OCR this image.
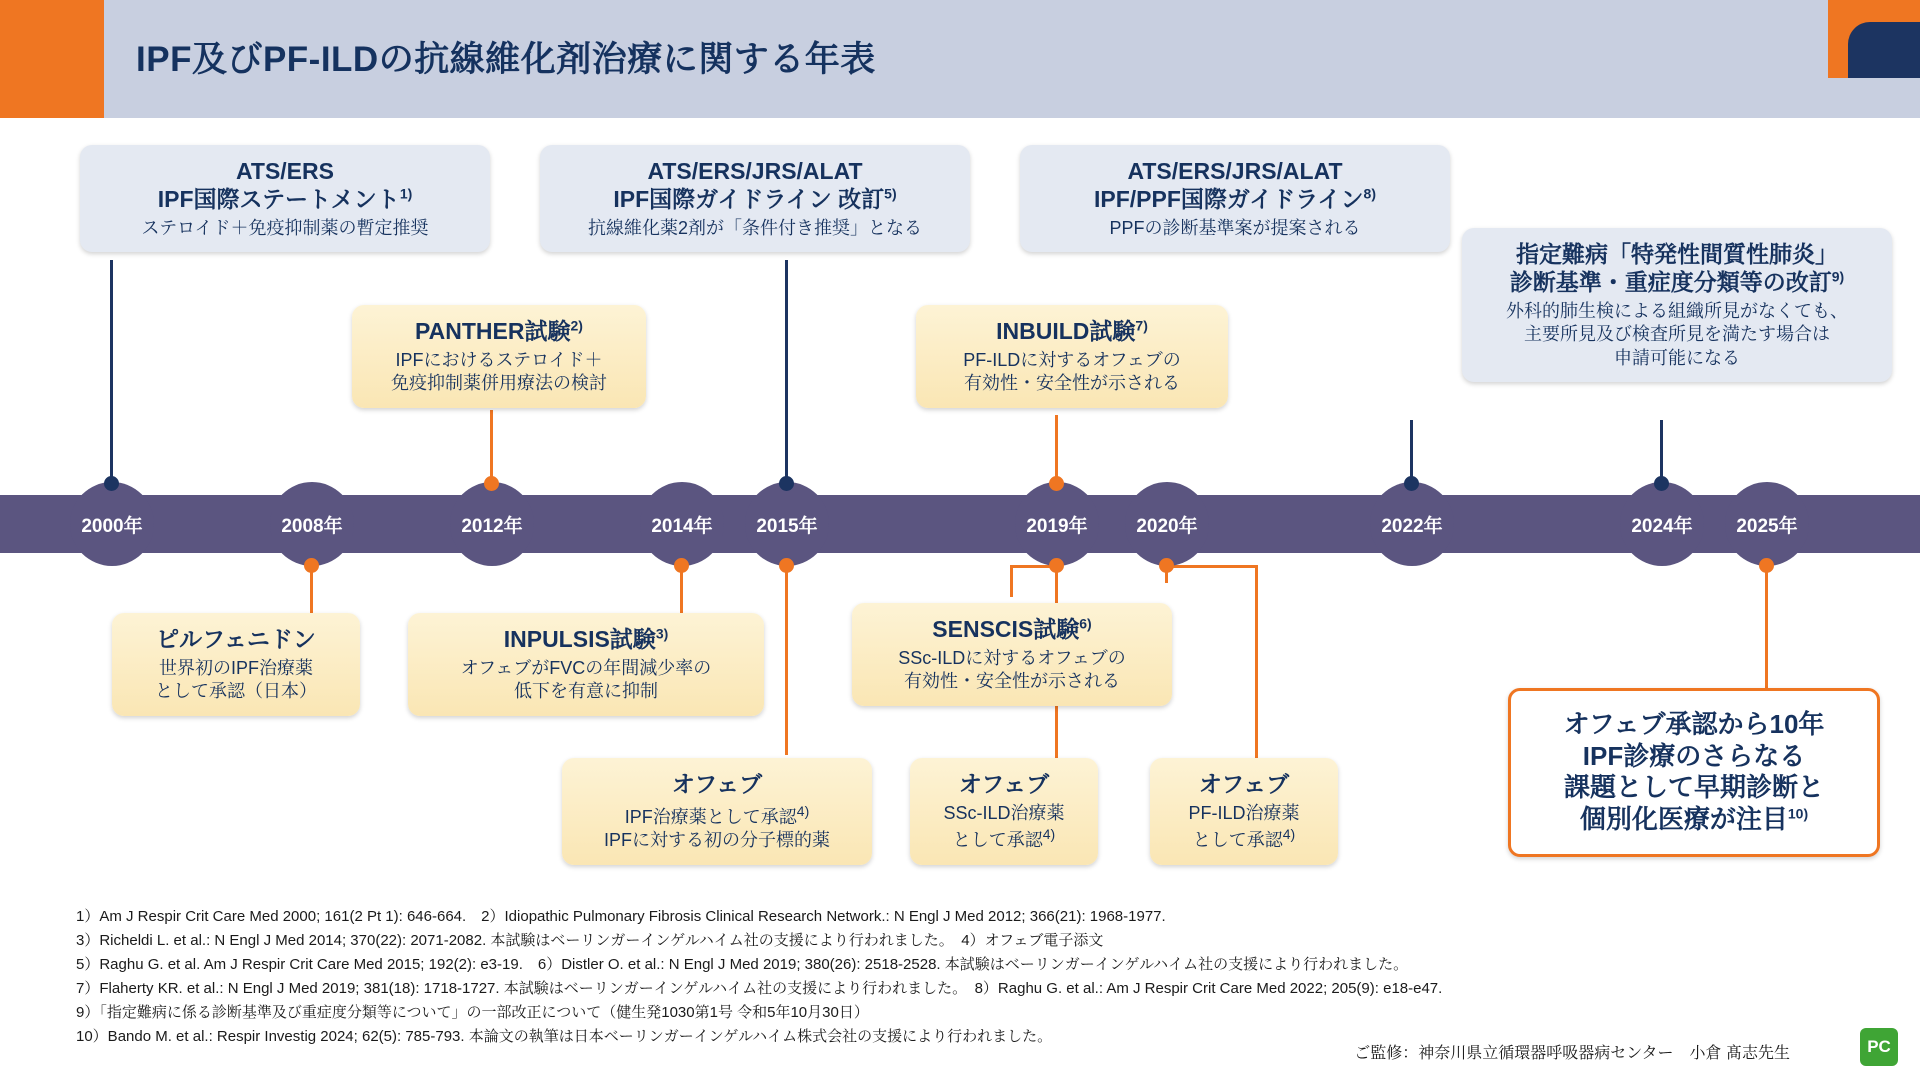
IPF及びPF-ILDの抗線維化剤治療に関する年表
2000年	2008年	2012年	2014年 2015年	2019年	2020年	2022年	2024年 2025年
ATS/ERS
IPF国際ステートメント$^{1)}$
ステロイド＋免疫抑制薬の暫定推奨
ATS/ERS/JRS/ALAT
IPF国際ガイドライン 改訂$^{5)}$
抗線維化薬2剤が「条件付き推奨」となる
ATS/ERS/JRS/ALAT
IPF/PPF国際ガイドライン$^{8)}$
PPFの診断基準案が提案される
指定難病「特発性間質性肺炎」
診断基準・重症度分類等の改訂$^{9)}$
外科的肺生検による組織所見がなくても、
主要所見及び検査所見を満たす場合は
申請可能になる
PANTHER試験$^{2)}$
IPFにおけるステロイド＋
免疫抑制薬併用療法の検討
INBUILD試験$^{7)}$
PF-ILDに対するオフェブの
有効性・安全性が示される
ピルフェニドン
世界初のIPF治療薬
として承認（日本）
INPULSIS試験$^{3)}$
オフェブがFVCの年間減少率の
低下を有意に抑制
SENSCIS試験$^{6)}$
SSc-ILDに対するオフェブの
有効性・安全性が示される
オフェブ
IPF治療薬として承認$^{4)}$
IPFに対する初の分子標的薬
オフェブ
SSc-ILD治療薬
として承認$^{4)}$
オフェブ
PF-ILD治療薬
として承認$^{4)}$
オフェブ承認から10年
IPF診療のさらなる
課題として早期診断と
個別化医療が注目$^{10)}$
1）Am J Respir Crit Care Med 2000; 161(2 Pt 1): 646-664.　2）Idiopathic Pulmonary Fibrosis Clinical Research Network.: N Engl J Med 2012; 366(21): 1968-1977.
3）Richeldi L. et al.: N Engl J Med 2014; 370(22): 2071-2082. 本試験はベーリンガーインゲルハイム社の支援により行われました。　4）オフェブ電子添文
5）Raghu G. et al. Am J Respir Crit Care Med 2015; 192(2): e3-19.　6）Distler O. et al.: N Engl J Med 2019; 380(26): 2518-2528. 本試験はベーリンガーインゲルハイム社の支援により行われました。
7）Flaherty KR. et al.: N Engl J Med 2019; 381(18): 1718-1727. 本試験はベーリンガーインゲルハイム社の支援により行われました。　8）Raghu G. et al.: Am J Respir Crit Care Med 2022; 205(9): e18-e47.
9）「指定難病に係る診断基準及び重症度分類等について」の一部改正について（健生発1030第1号 令和5年10月30日）
10）Bando M. et al.: Respir Investig 2024; 62(5): 785-793. 本論文の執筆は日本ベーリンガーインゲルハイム株式会社の支援により行われました。
ご監修：神奈川県立循環器呼吸器病センター　小倉 髙志先生	PC
